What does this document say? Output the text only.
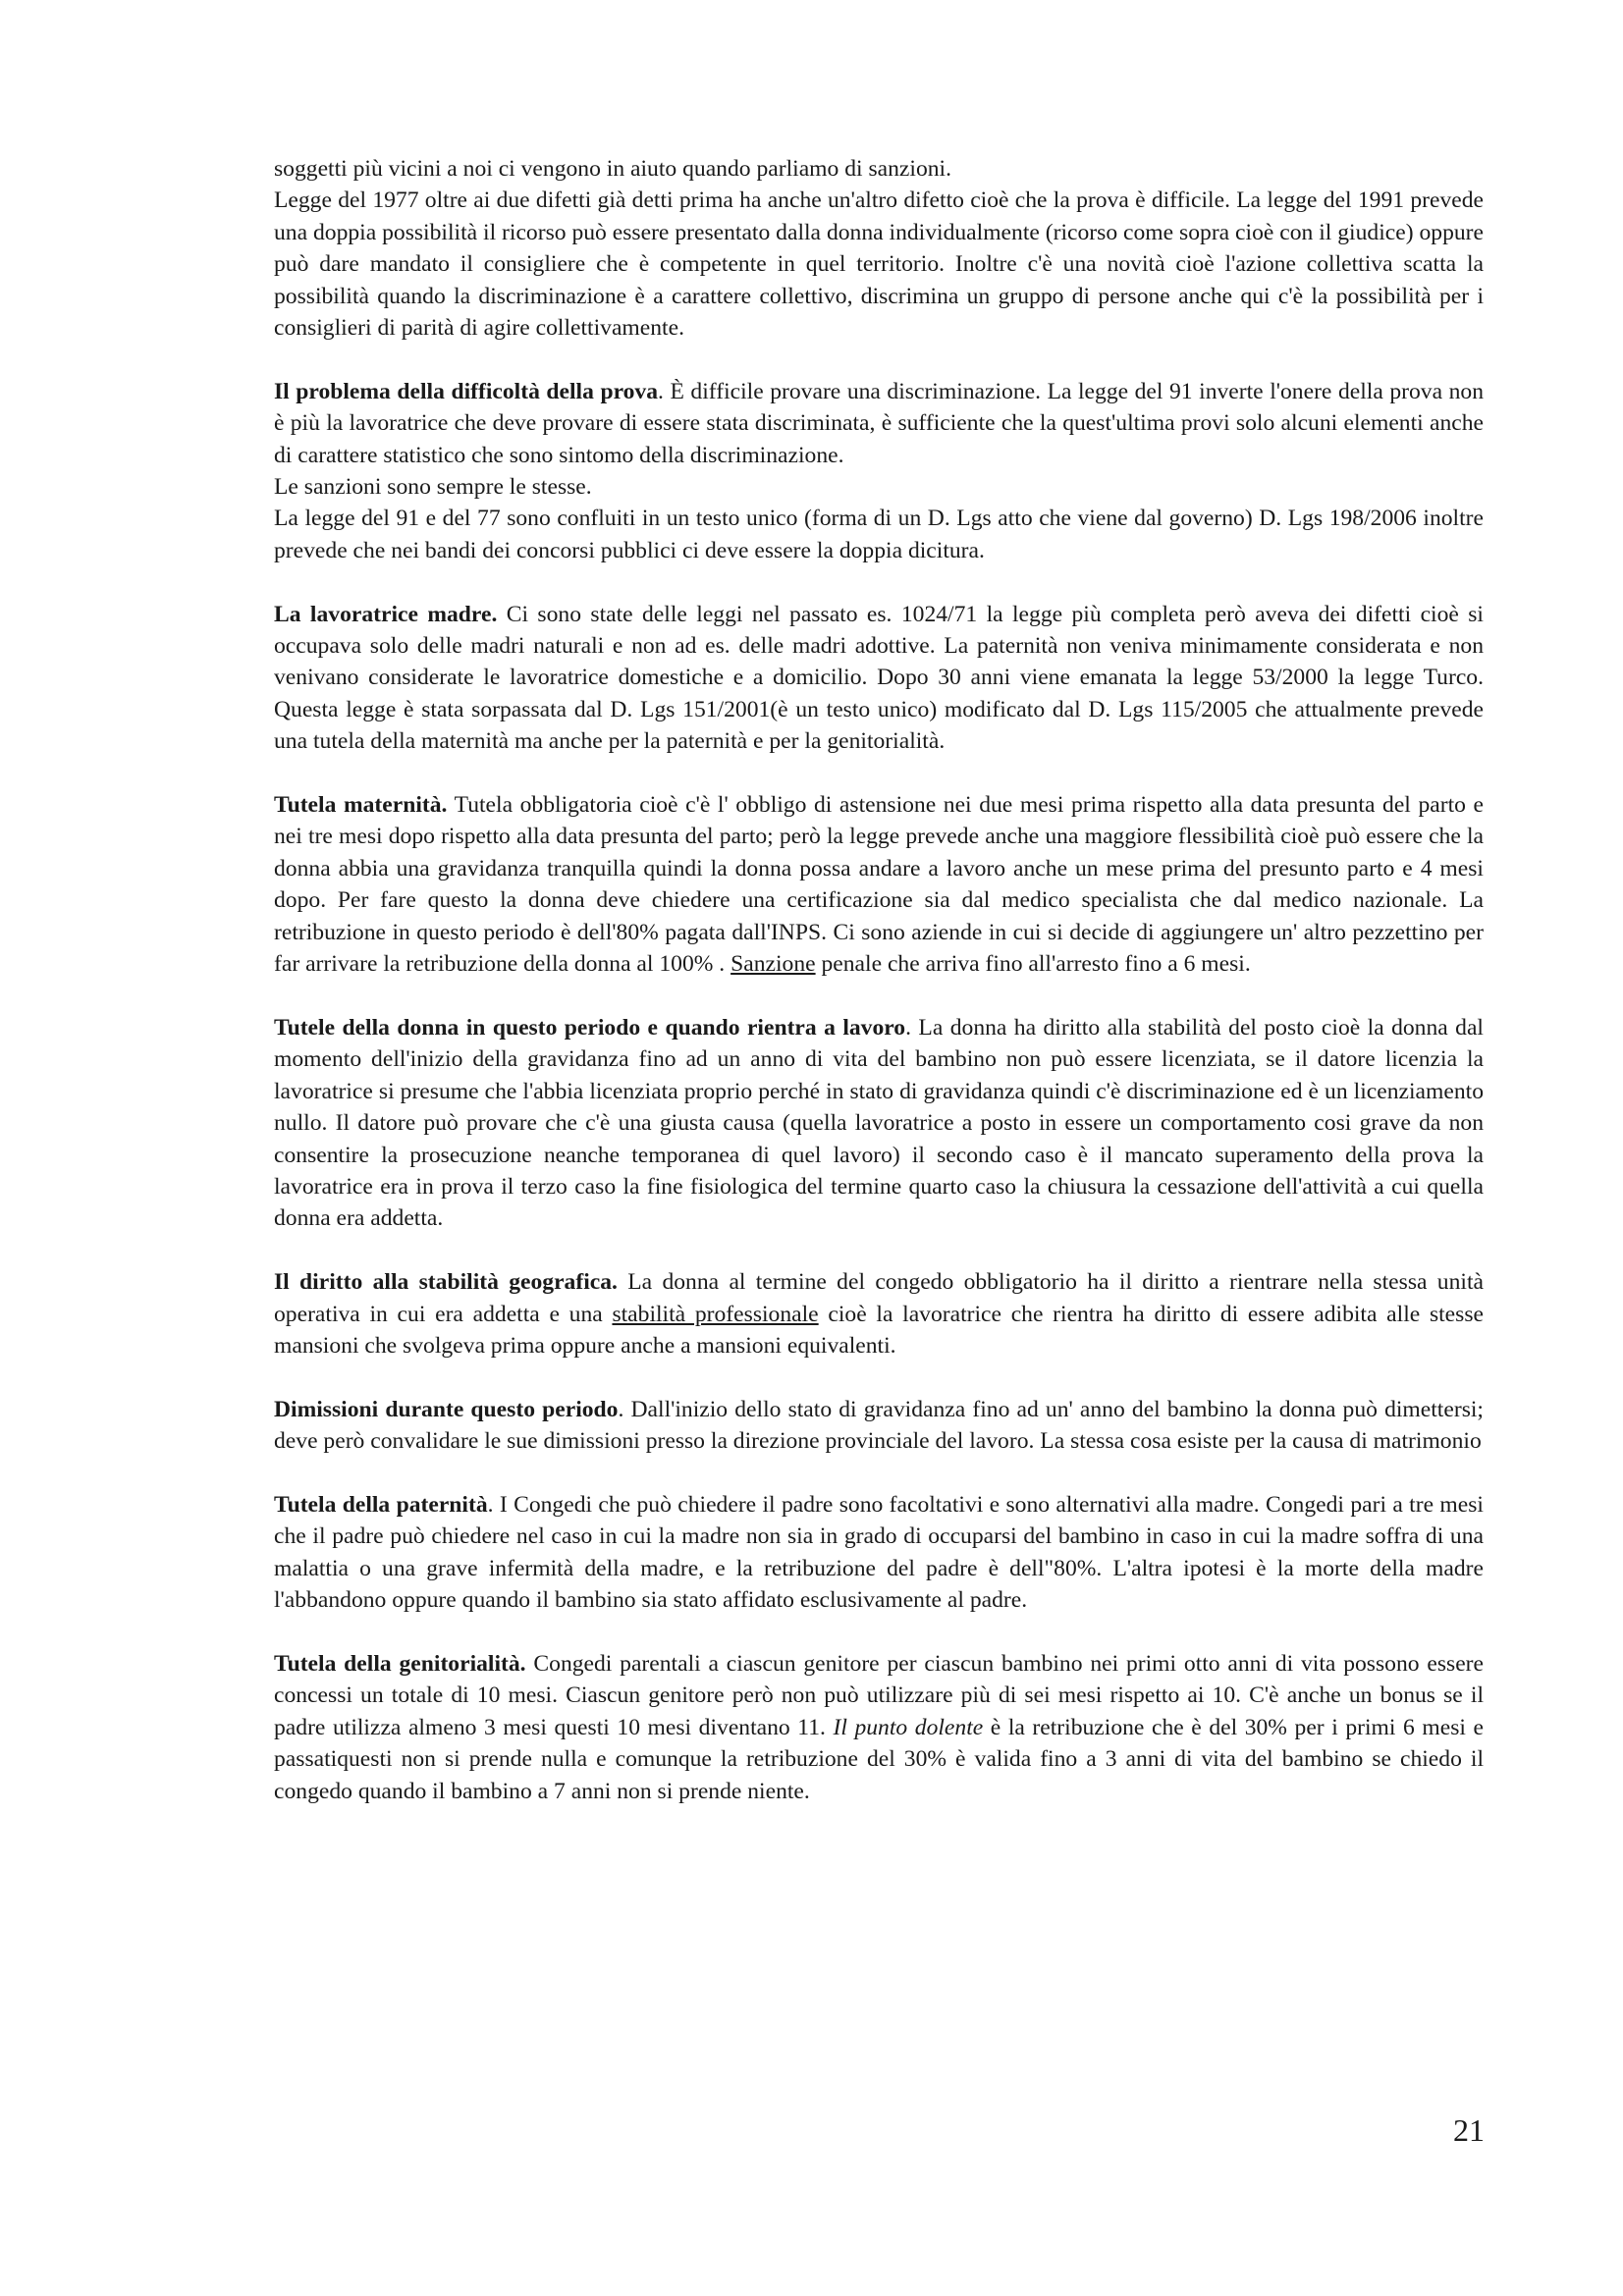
soggetti più vicini a noi ci vengono in aiuto quando parliamo di sanzioni.
Legge del 1977 oltre ai due difetti già detti prima ha anche un'altro difetto cioè che la prova è difficile. La legge del 1991 prevede una doppia possibilità il ricorso può essere presentato dalla donna individualmente (ricorso come sopra cioè con il giudice) oppure può dare mandato il consigliere che è competente in quel territorio. Inoltre c'è una novità cioè l'azione collettiva scatta la possibilità quando la discriminazione è a carattere collettivo, discrimina un gruppo di persone anche qui c'è la possibilità per i consiglieri di parità di agire collettivamente.

Il problema della difficoltà della prova. È difficile provare una discriminazione. La legge del 91 inverte l'onere della prova non è più la lavoratrice che deve provare di essere stata discriminata, è sufficiente che la quest'ultima provi solo alcuni elementi anche di carattere statistico che sono sintomo della discriminazione.
Le sanzioni sono sempre le stesse.
La legge del 91 e del 77 sono confluiti in un testo unico (forma di un D. Lgs atto che viene dal governo) D. Lgs 198/2006 inoltre prevede che nei bandi dei concorsi pubblici ci deve essere la doppia dicitura.

La lavoratrice madre. Ci sono state delle leggi nel passato es. 1024/71 la legge più completa però aveva dei difetti cioè si occupava solo delle madri naturali e non ad es. delle madri adottive. La paternità non veniva minimamente considerata e non venivano considerate le lavoratrice domestiche e a domicilio. Dopo 30 anni viene emanata la legge 53/2000 la legge Turco. Questa legge è stata sorpassata dal D. Lgs 151/2001(è un testo unico) modificato dal D. Lgs 115/2005 che attualmente prevede una tutela della maternità ma anche per la paternità e per la genitorialità.

Tutela maternità. Tutela obbligatoria cioè c'è l' obbligo di astensione nei due mesi prima rispetto alla data presunta del parto e nei tre mesi dopo rispetto alla data presunta del parto; però la legge prevede anche una maggiore flessibilità cioè può essere che la donna abbia una gravidanza tranquilla quindi la donna possa andare a lavoro anche un mese prima del presunto parto e 4 mesi dopo. Per fare questo la donna deve chiedere una certificazione sia dal medico specialista che dal medico nazionale. La retribuzione in questo periodo è dell'80% pagata dall'INPS. Ci sono aziende in cui si decide di aggiungere un' altro pezzettino per far arrivare la retribuzione della donna al 100% . Sanzione penale che arriva fino all'arresto fino a 6 mesi.

Tutele della donna in questo periodo e quando rientra a lavoro. La donna ha diritto alla stabilità del posto cioè la donna dal momento dell'inizio della gravidanza fino ad un anno di vita del bambino non può essere licenziata, se il datore licenzia la lavoratrice si presume che l'abbia licenziata proprio perché in stato di gravidanza quindi c'è discriminazione ed è un licenziamento nullo. Il datore può provare che c'è una giusta causa (quella lavoratrice a posto in essere un comportamento cosi grave da non consentire la prosecuzione neanche temporanea di quel lavoro) il secondo caso è il mancato superamento della prova la lavoratrice era in prova il terzo caso la fine fisiologica del termine quarto caso la chiusura la cessazione dell'attività a cui quella donna era addetta.

Il diritto alla stabilità geografica. La donna al termine del congedo obbligatorio ha il diritto a rientrare nella stessa unità operativa in cui era addetta e una stabilità professionale cioè la lavoratrice che rientra ha diritto di essere adibita alle stesse mansioni che svolgeva prima oppure anche a mansioni equivalenti.

Dimissioni durante questo periodo. Dall'inizio dello stato di gravidanza fino ad un' anno del bambino la donna può dimettersi; deve però convalidare le sue dimissioni presso la direzione provinciale del lavoro. La stessa cosa esiste per la causa di matrimonio

Tutela della paternità. I Congedi che può chiedere il padre sono facoltativi e sono alternativi alla madre. Congedi pari a tre mesi che il padre può chiedere nel caso in cui la madre non sia in grado di occuparsi del bambino in caso in cui la madre soffra di una malattia o una grave infermità della madre, e la retribuzione del padre è dell"80%. L'altra ipotesi è la morte della madre l'abbandono oppure quando il bambino sia stato affidato esclusivamente al padre.

Tutela della genitorialità. Congedi parentali a ciascun genitore per ciascun bambino nei primi otto anni di vita possono essere concessi un totale di 10 mesi. Ciascun genitore però non può utilizzare più di sei mesi rispetto ai 10. C'è anche un bonus se il padre utilizza almeno 3 mesi questi 10 mesi diventano 11. Il punto dolente è la retribuzione che è del 30% per i primi 6 mesi e passatiquesti non si prende nulla e comunque la retribuzione del 30% è valida fino a 3 anni di vita del bambino se chiedo il congedo quando il bambino a 7 anni non si prende niente.

21
